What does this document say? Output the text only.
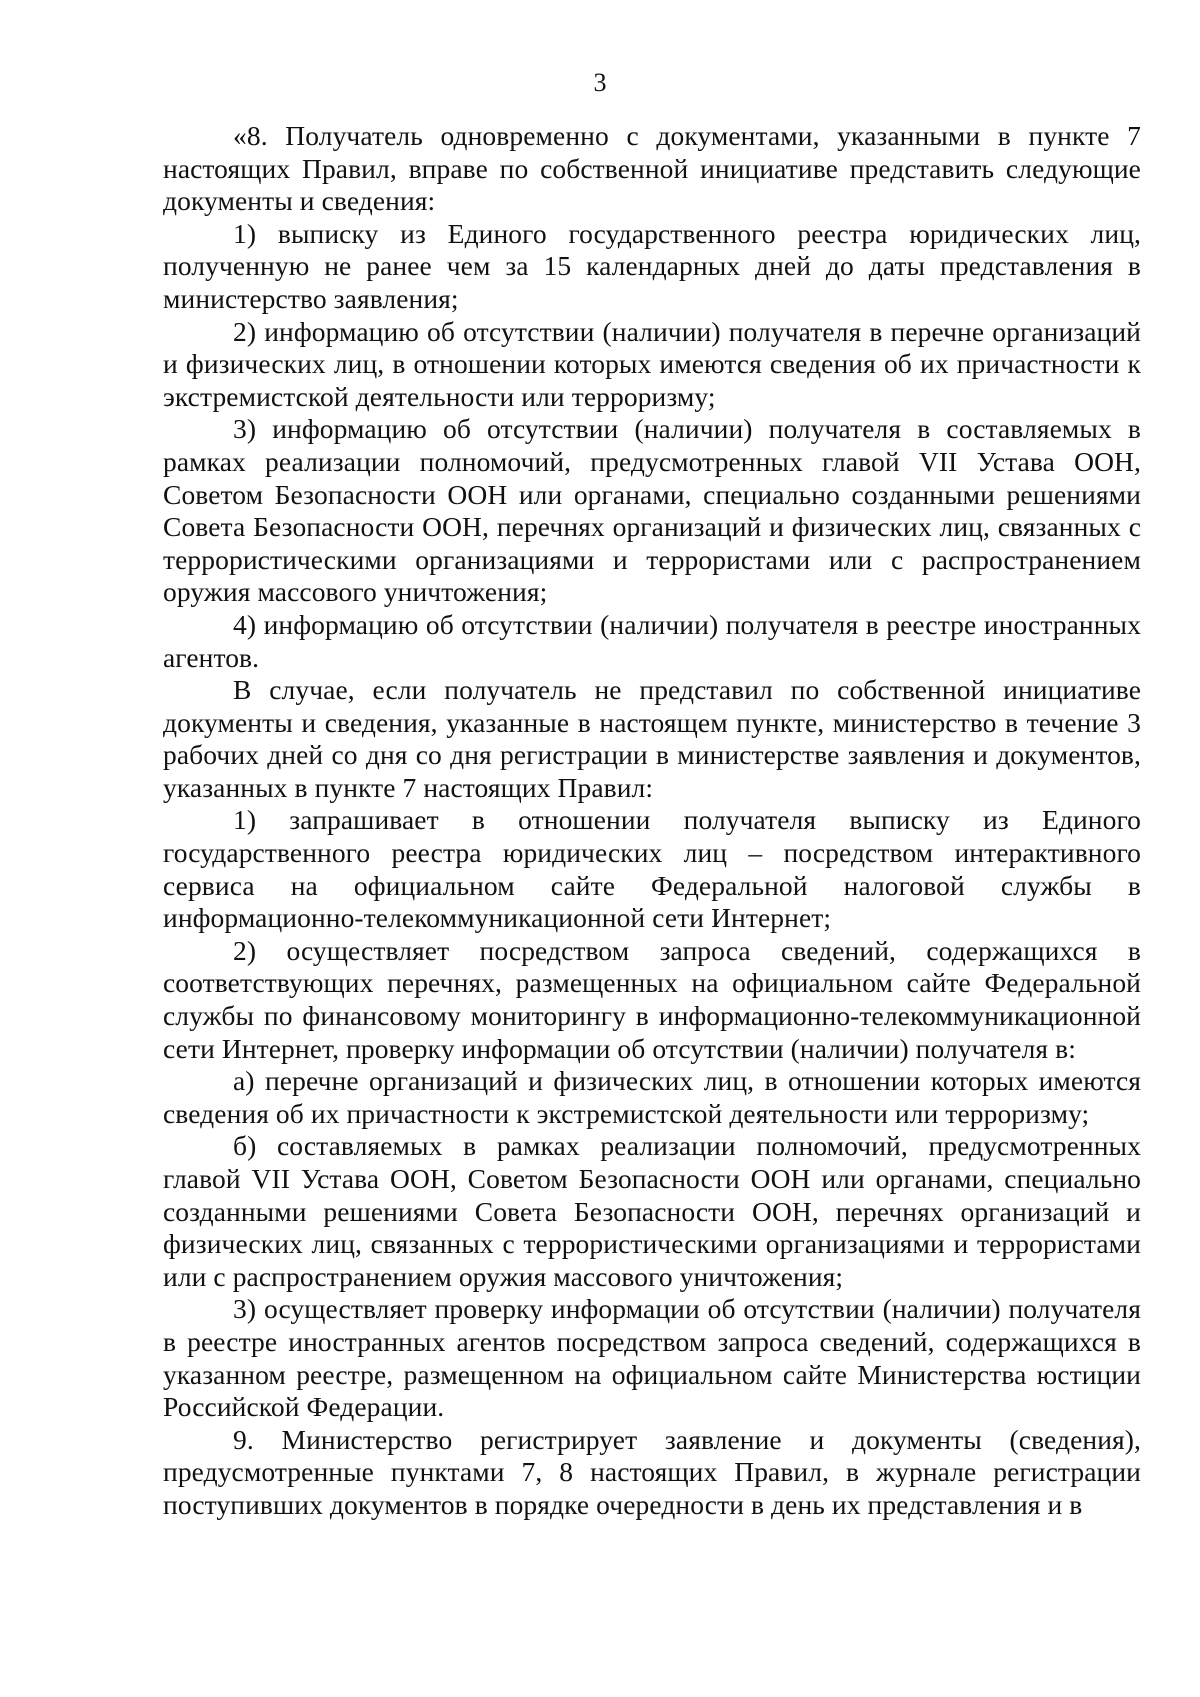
3

«8. Получатель одновременно с документами, указанными в пункте 7 настоящих Правил, вправе по собственной инициативе представить следующие документы и сведения:

1) выписку из Единого государственного реестра юридических лиц, полученную не ранее чем за 15 календарных дней до даты представления в министерство заявления;

2) информацию об отсутствии (наличии) получателя в перечне организаций и физических лиц, в отношении которых имеются сведения об их причастности к экстремистской деятельности или терроризму;

3) информацию об отсутствии (наличии) получателя в составляемых в рамках реализации полномочий, предусмотренных главой VII Устава ООН, Советом Безопасности ООН или органами, специально созданными решениями Совета Безопасности ООН, перечнях организаций и физических лиц, связанных с террористическими организациями и террористами или с распространением оружия массового уничтожения;

4) информацию об отсутствии (наличии) получателя в реестре иностранных агентов.

В случае, если получатель не представил по собственной инициативе документы и сведения, указанные в настоящем пункте, министерство в течение 3 рабочих дней со дня со дня регистрации в министерстве заявления и документов, указанных в пункте 7 настоящих Правил:

1) запрашивает в отношении получателя выписку из Единого государственного реестра юридических лиц – посредством интерактивного сервиса на официальном сайте Федеральной налоговой службы в информационно-телекоммуникационной сети Интернет;

2) осуществляет посредством запроса сведений, содержащихся в соответствующих перечнях, размещенных на официальном сайте Федеральной службы по финансовому мониторингу в информационно-телекоммуникационной сети Интернет, проверку информации об отсутствии (наличии) получателя в:

а) перечне организаций и физических лиц, в отношении которых имеются сведения об их причастности к экстремистской деятельности или терроризму;

б) составляемых в рамках реализации полномочий, предусмотренных главой VII Устава ООН, Советом Безопасности ООН или органами, специально созданными решениями Совета Безопасности ООН, перечнях организаций и физических лиц, связанных с террористическими организациями и террористами или с распространением оружия массового уничтожения;

3) осуществляет проверку информации об отсутствии (наличии) получателя в реестре иностранных агентов посредством запроса сведений, содержащихся в указанном реестре, размещенном на официальном сайте Министерства юстиции Российской Федерации.

9. Министерство регистрирует заявление и документы (сведения), предусмотренные пунктами 7, 8 настоящих Правил, в журнале регистрации поступивших документов в порядке очередности в день их представления и в
